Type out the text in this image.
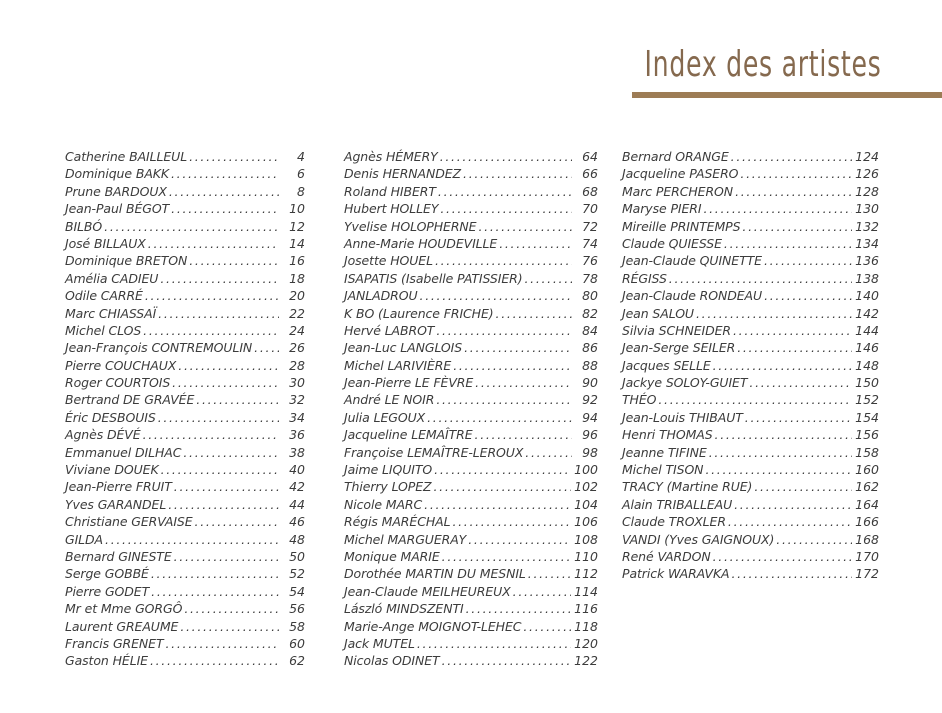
Index des artistes
Catherine BAILLEUL .....	4
Dominique BAKK .....	6
Prune BARDOUX .....	8
Jean-Paul BÉGOT .....	10
BILBÓ .....	12
José BILLAUX .....	14
Dominique BRETON .....	16
Amélia CADIEU .....	18
Odile CARRÉ .....	20
Marc CHIASSAÏ .....	22
Michel CLOS .....	24
Jean-François CONTREMOULIN .....	26
Pierre COUCHAUX .....	28
Roger COURTOIS .....	30
Bertrand DE GRAVÉE .....	32
Éric DESBOUIS .....	34
Agnès DÉVÉ .....	36
Emmanuel DILHAC .....	38
Viviane DOUEK .....	40
Jean-Pierre FRUIT .....	42
Yves GARANDEL .....	44
Christiane GERVAISE .....	46
GILDA .....	48
Bernard GINESTE .....	50
Serge GOBBÉ .....	52
Pierre GODET .....	54
Mr et Mme GORGÔ .....	56
Laurent GREAUME .....	58
Francis GRENET .....	60
Gaston HÉLIE .....	62
Agnès HÉMERY .....	64
Denis HERNANDEZ .....	66
Roland HIBERT .....	68
Hubert HOLLEY .....	70
Yvelise HOLOPHERNE .....	72
Anne-Marie HOUDEVILLE .....	74
Josette HOUEL .....	76
ISAPATIS (Isabelle PATISSIER) .....	78
JANLADROU .....	80
K BO (Laurence FRICHE) .....	82
Hervé LABROT .....	84
Jean-Luc LANGLOIS .....	86
Michel LARIVIÈRE .....	88
Jean-Pierre LE FÈVRE .....	90
André LE NOIR .....	92
Julia LEGOUX .....	94
Jacqueline LEMAÎTRE .....	96
Françoise LEMAÎTRE-LEROUX .....	98
Jaime LIQUITO .....	100
Thierry LOPEZ .....	102
Nicole MARC .....	104
Régis MARÉCHAL .....	106
Michel MARGUERAY .....	108
Monique MARIE .....	110
Dorothée MARTIN DU MESNIL .....	112
Jean-Claude MEILHEUREUX .....	114
László MINDSZENTI .....	116
Marie-Ange MOIGNOT-LEHEC .....	118
Jack MUTEL .....	120
Nicolas ODINET .....	122
Bernard ORANGE .....	124
Jacqueline PASERO .....	126
Marc PERCHERON .....	128
Maryse PIERI .....	130
Mireille PRINTEMPS .....	132
Claude QUIESSE .....	134
Jean-Claude QUINETTE .....	136
RÉGISS .....	138
Jean-Claude RONDEAU .....	140
Jean SALOU .....	142
Silvia SCHNEIDER .....	144
Jean-Serge SEILER .....	146
Jacques SELLE .....	148
Jackye SOLOY-GUIET .....	150
THÉO .....	152
Jean-Louis THIBAUT .....	154
Henri THOMAS .....	156
Jeanne TIFINE .....	158
Michel TISON .....	160
TRACY (Martine RUE) .....	162
Alain TRIBALLEAU .....	164
Claude TROXLER .....	166
VANDI (Yves GAIGNOUX) .....	168
René VARDON .....	170
Patrick WARAVKA .....	172
